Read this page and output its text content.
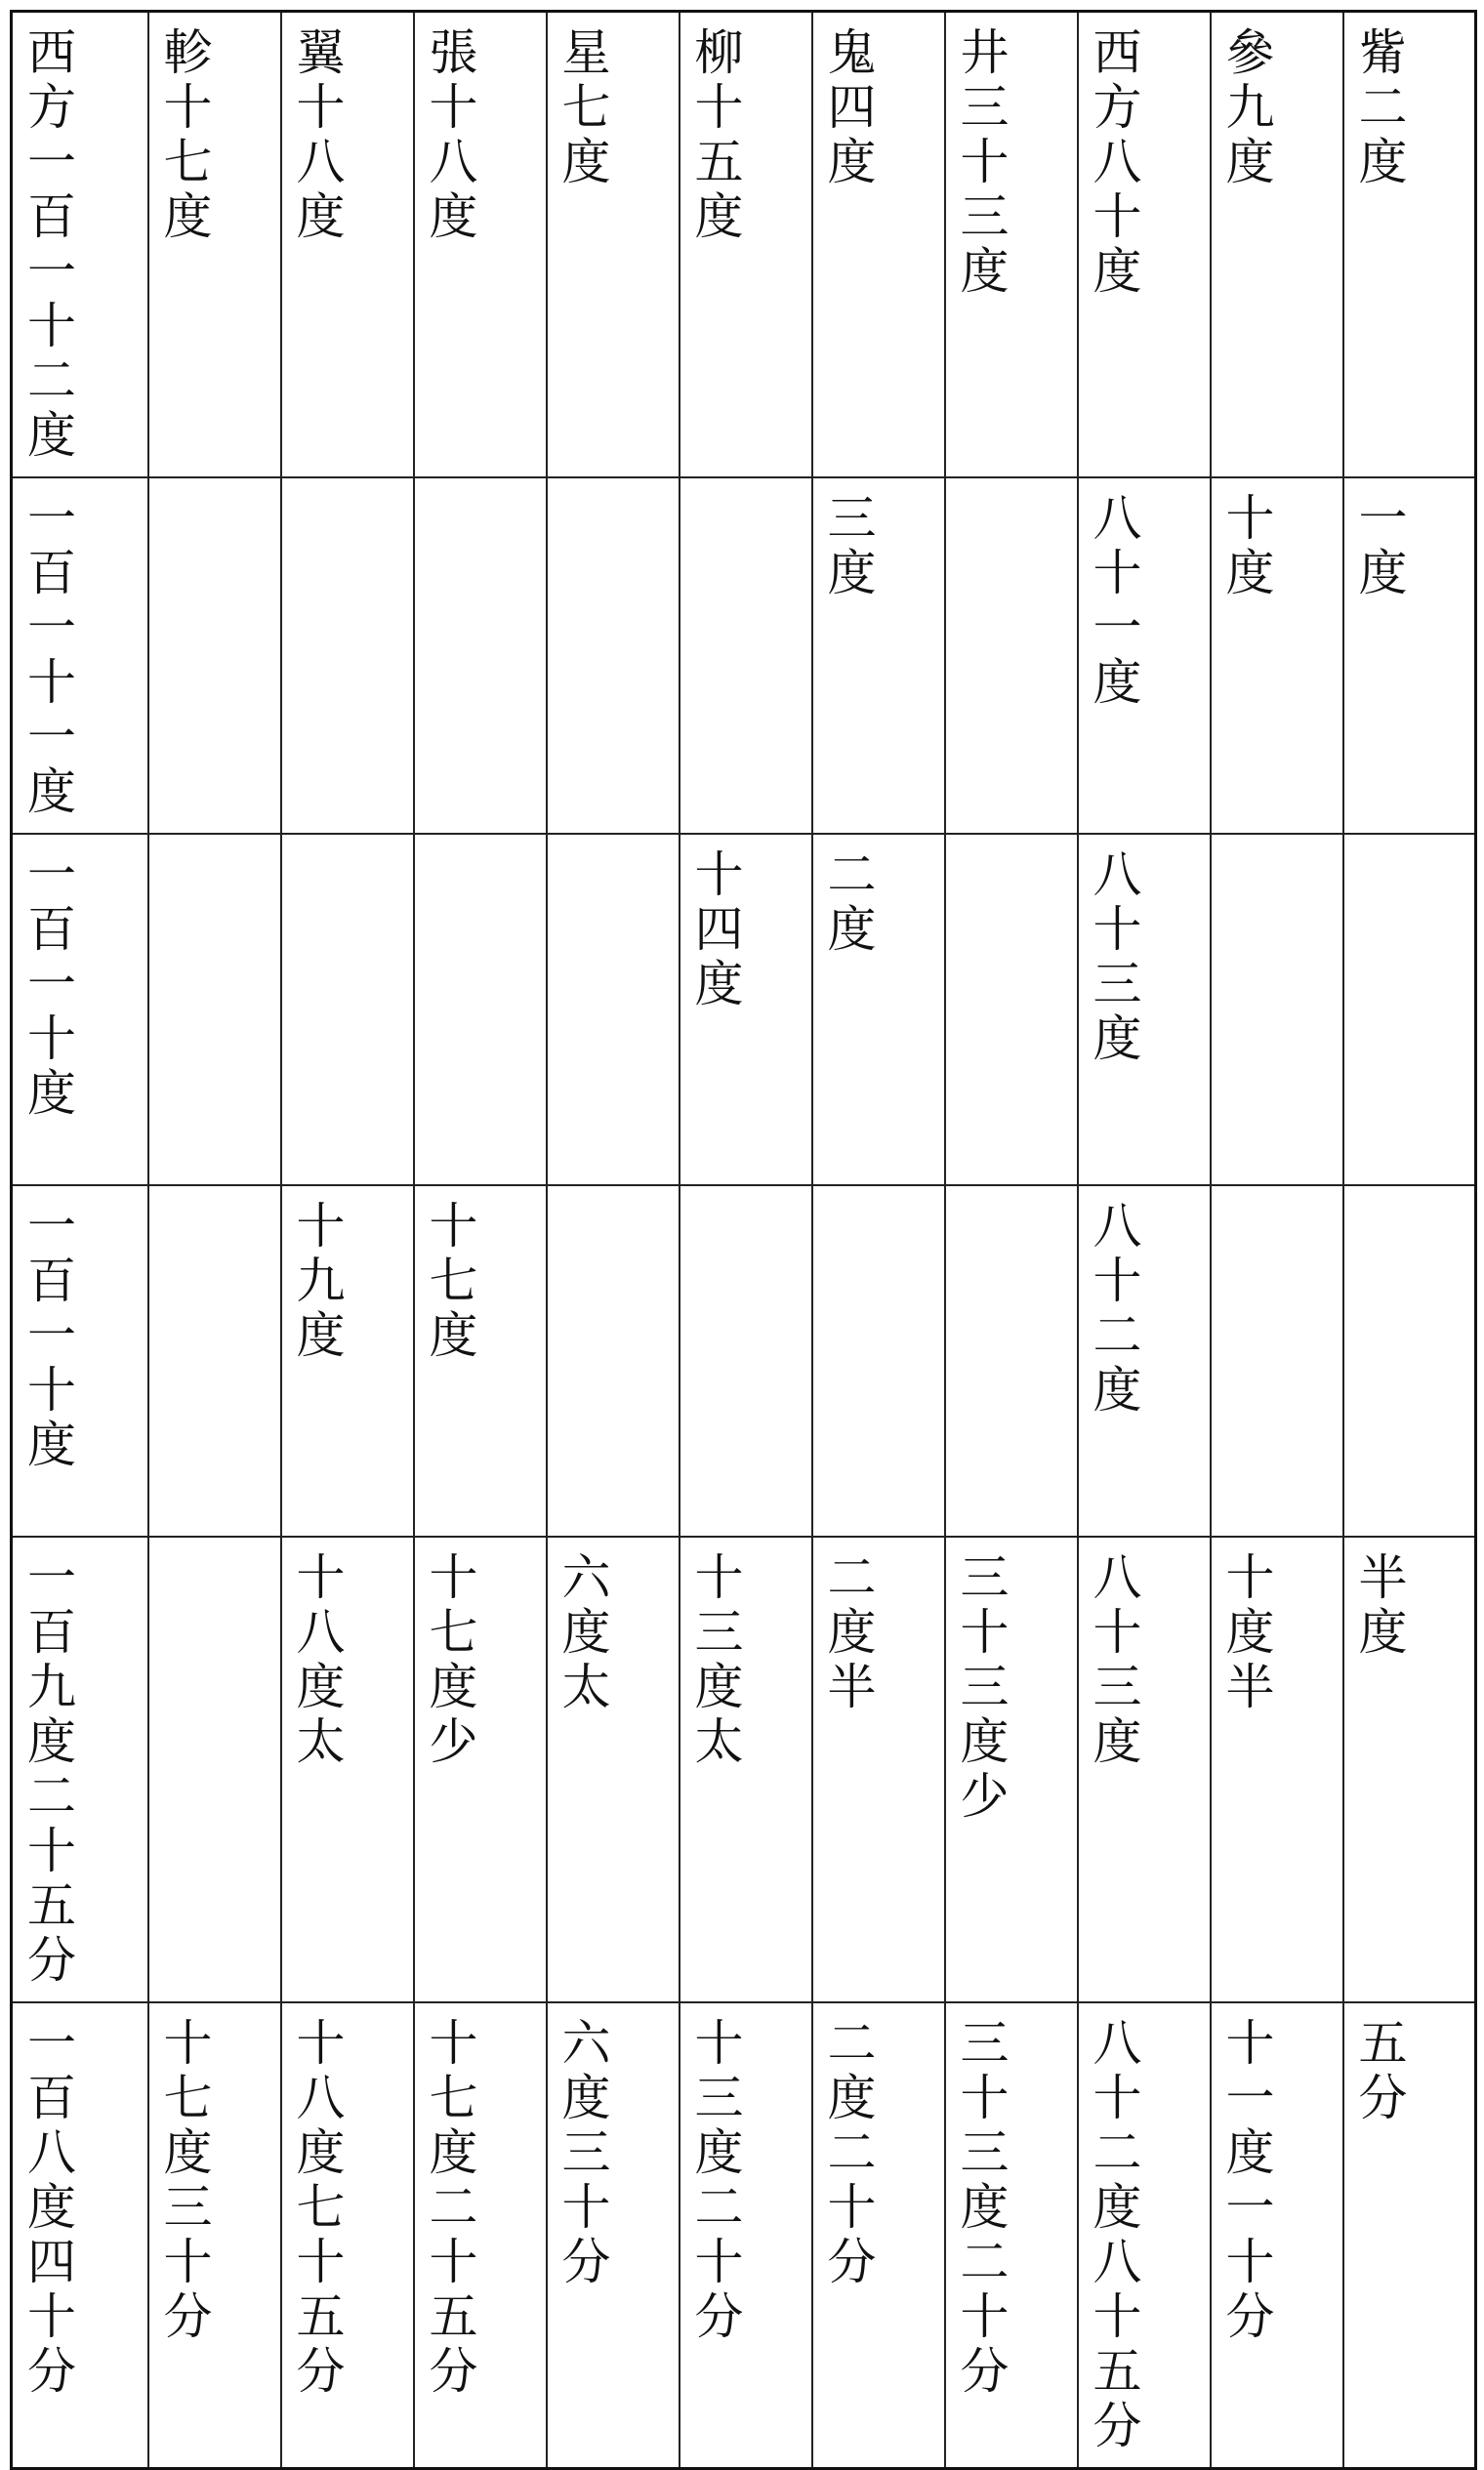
西方一百一十二度	軫十七度	翼十八度	張十八度	星七度	柳十五度	鬼四度	井三十三度	西方八十度	參九度	觜二度
一百一十一度						三度		八十一度	十度	一度
一百一十度					十四度	二度		八十三度		
一百一十度		十九度	十七度					八十二度		
一百九度二十五分		十八度太	十七度少	六度太	十三度太	二度半	三十三度少	八十三度	十度半	半度
一百八度四十分	十七度三十分	十八度七十五分	十七度二十五分	六度三十分	十三度二十分	二度二十分	三十三度二十分	八十二度八十五分	十一度一十分	五分
